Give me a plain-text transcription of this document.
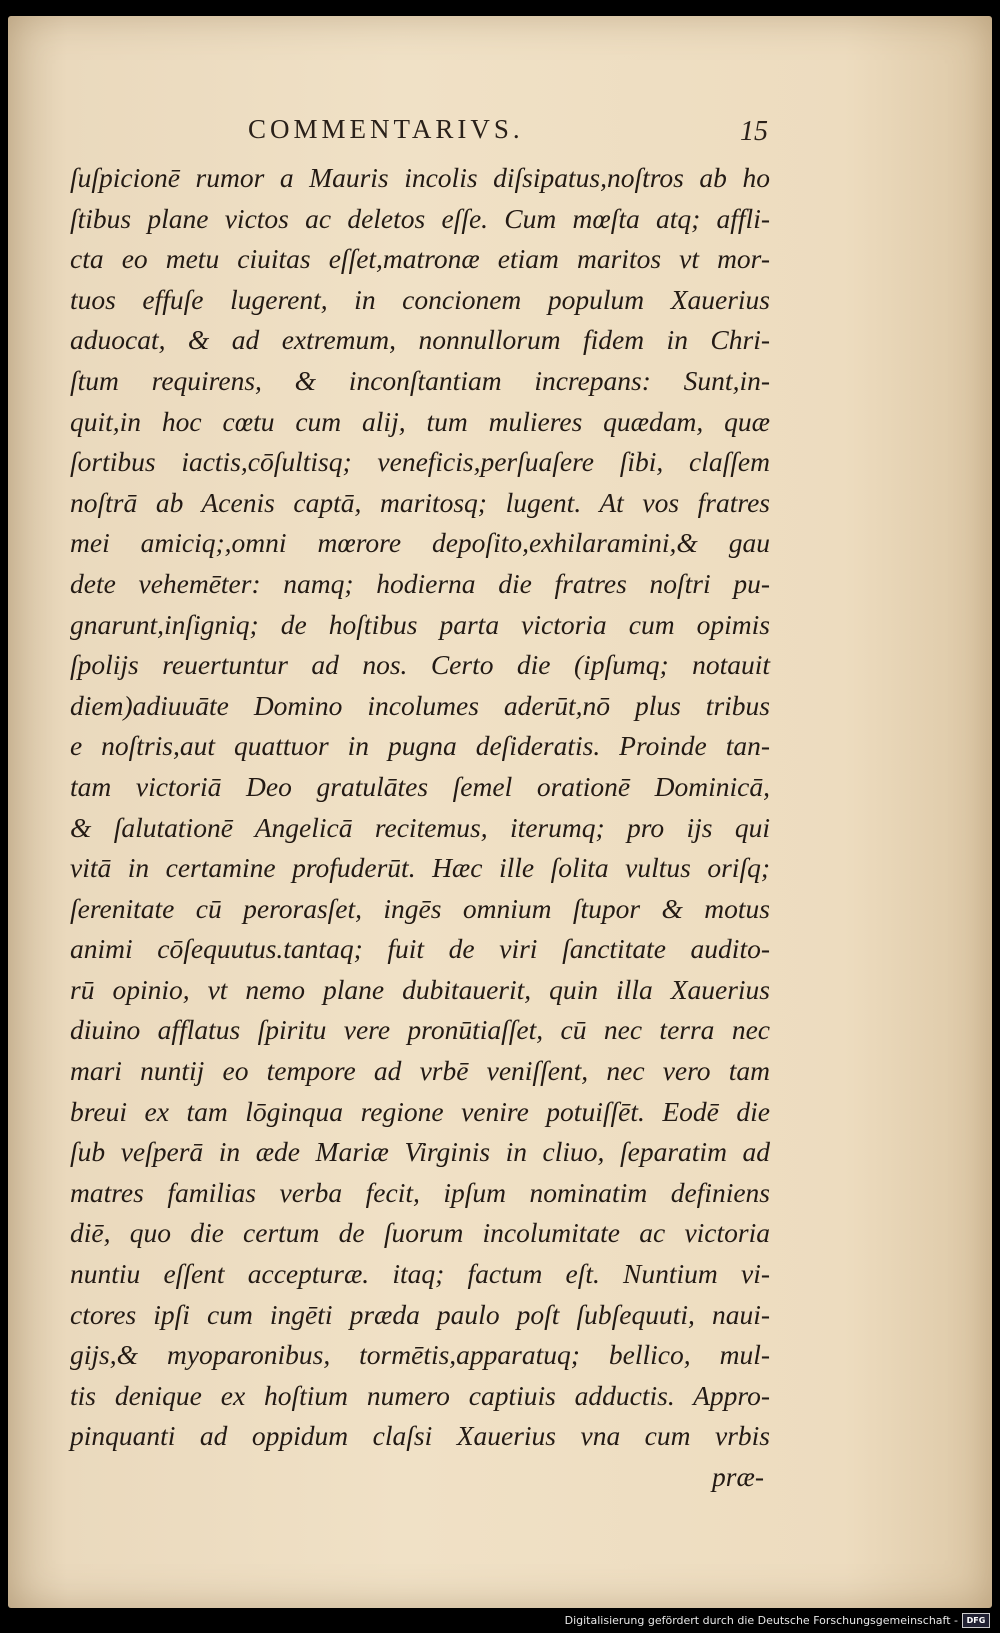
COMMENTARIVS.	15
ſuſpicionē rumor a Mauris incolis diſsipatus,noſtros ab ho
ſtibus plane victos ac deletos eſſe. Cum mœſta atq; affli-
cta eo metu ciuitas eſſet,matronæ etiam maritos vt mor-
tuos effuſe lugerent, in concionem populum Xauerius
aduocat, & ad extremum, nonnullorum fidem in Chri-
ſtum requirens, & inconſtantiam increpans: Sunt,in-
quit,in hoc cœtu cum alij, tum mulieres quædam, quæ
ſortibus iactis,cōſultisq; veneficis,perſuaſere ſibi, claſſem
noſtrā ab Acenis captā, maritosq; lugent. At vos fratres
mei amiciq;,omni mœrore depoſito,exhilaramini,& gau
dete vehemēter: namq; hodierna die fratres noſtri pu-
gnarunt,inſigniq; de hoſtibus parta victoria cum opimis
ſpolijs reuertuntur ad nos. Certo die (ipſumq; notauit
diem)adiuuāte Domino incolumes aderūt,nō plus tribus
e noſtris,aut quattuor in pugna deſideratis. Proinde tan-
tam victoriā Deo gratulātes ſemel orationē Dominicā,
& ſalutationē Angelicā recitemus, iterumq; pro ijs qui
vitā in certamine profuderūt. Hæc ille ſolita vultus oriſq;
ſerenitate cū perorasſet, ingēs omnium ſtupor & motus
animi cōſequutus.tantaq; fuit de viri ſanctitate audito-
rū opinio, vt nemo plane dubitauerit, quin illa Xauerius
diuino afflatus ſpiritu vere pronūtiaſſet, cū nec terra nec
mari nuntij eo tempore ad vrbē veniſſent, nec vero tam
breui ex tam lōginqua regione venire potuiſſēt. Eodē die
ſub veſperā in æde Mariæ Virginis in cliuo, ſeparatim ad
matres familias verba fecit, ipſum nominatim definiens
diē, quo die certum de ſuorum incolumitate ac victoria
nuntiu eſſent accepturæ. itaq; factum eſt. Nuntium vi-
ctores ipſi cum ingēti præda paulo poſt ſubſequuti, naui-
gijs,& myoparonibus, tormētis,apparatuq; bellico, mul-
tis denique ex hoſtium numero captiuis adductis. Appro-
pinquanti ad oppidum claſsi Xauerius vna cum vrbis
præ-
Digitalisierung gefördert durch die Deutsche Forschungsgemeinschaft -	DFG
